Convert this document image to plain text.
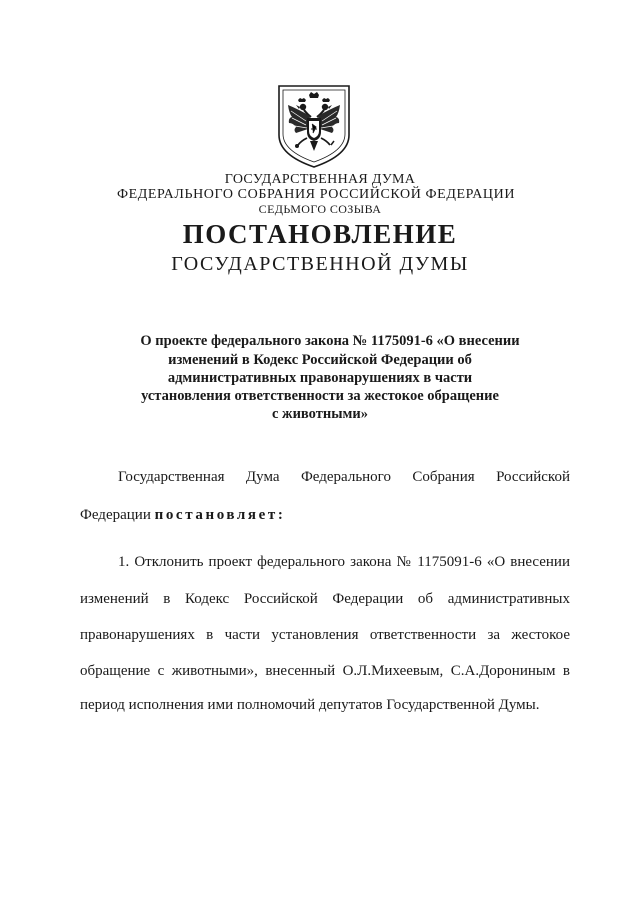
ГОСУДАРСТВЕННАЯ ДУМА
ФЕДЕРАЛЬНОГО СОБРАНИЯ РОССИЙСКОЙ ФЕДЕРАЦИИ
СЕДЬМОГО СОЗЫВА
ПОСТАНОВЛЕНИЕ
ГОСУДАРСТВЕННОЙ ДУМЫ
О проекте федерального закона № 1175091-6 «О внесении
изменений в Кодекс Российской Федерации об
административных правонарушениях в части
установления ответственности за жестокое обращение
с животными»
Государственная Дума Федерального Собрания Российской
Федерации постановляет:
1. Отклонить проект федерального закона № 1175091-6 «О внесении
изменений в Кодекс Российской Федерации об административных
правонарушениях в части установления ответственности за жестокое
обращение с животными», внесенный О.Л.Михеевым, С.А.Дорониным в
период исполнения ими полномочий депутатов Государственной Думы.
